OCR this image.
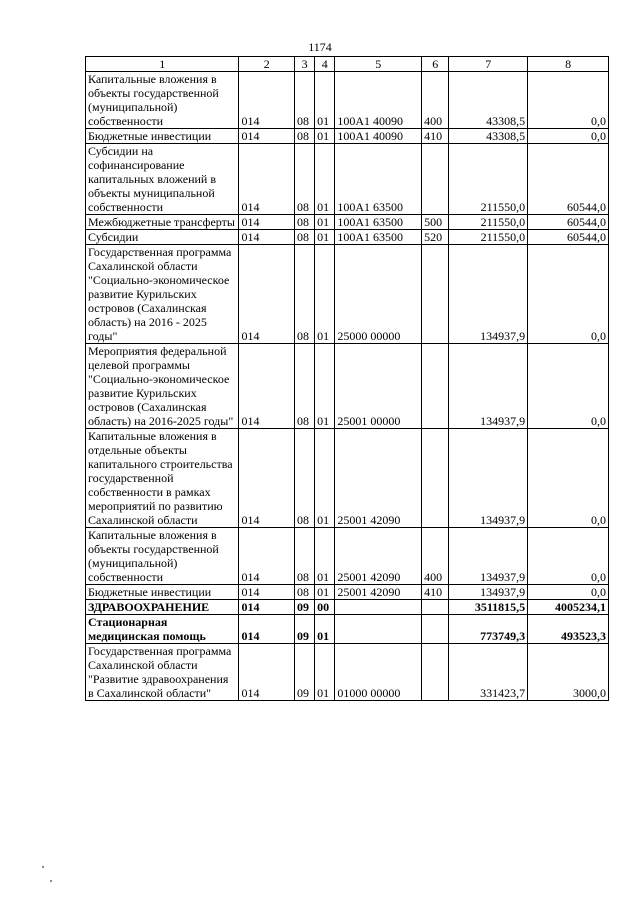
1174
1	2	3	4	5	6	7	8
Капитальные вложения в объекты государственной (муниципальной) собственности	014	08	01	100А1 40090	400	43308,5	0,0
Бюджетные инвестиции	014	08	01	100А1 40090	410	43308,5	0,0
Субсидии на софинансирование капитальных вложений в объекты муниципальной собственности	014	08	01	100А1 63500		211550,0	60544,0
Межбюджетные трансферты	014	08	01	100А1 63500	500	211550,0	60544,0
Субсидии	014	08	01	100А1 63500	520	211550,0	60544,0
Государственная программа Сахалинской области "Социально-экономическое развитие Курильских островов (Сахалинская область) на 2016 - 2025 годы"	014	08	01	25000 00000		134937,9	0,0
Мероприятия федеральной целевой программы "Социально-экономическое развитие Курильских островов (Сахалинская область) на 2016-2025 годы"	014	08	01	25001 00000		134937,9	0,0
Капитальные вложения в отдельные объекты капитального строительства государственной собственности в рамках мероприятий по развитию Сахалинской области	014	08	01	25001 42090		134937,9	0,0
Капитальные вложения в объекты государственной (муниципальной) собственности	014	08	01	25001 42090	400	134937,9	0,0
Бюджетные инвестиции	014	08	01	25001 42090	410	134937,9	0,0
ЗДРАВООХРАНЕНИЕ	014	09	00			3511815,5	4005234,1
Стационарная медицинская помощь	014	09	01			773749,3	493523,3
Государственная программа Сахалинской области "Развитие здравоохранения в Сахалинской области"	014	09	01	01000 00000		331423,7	3000,0
